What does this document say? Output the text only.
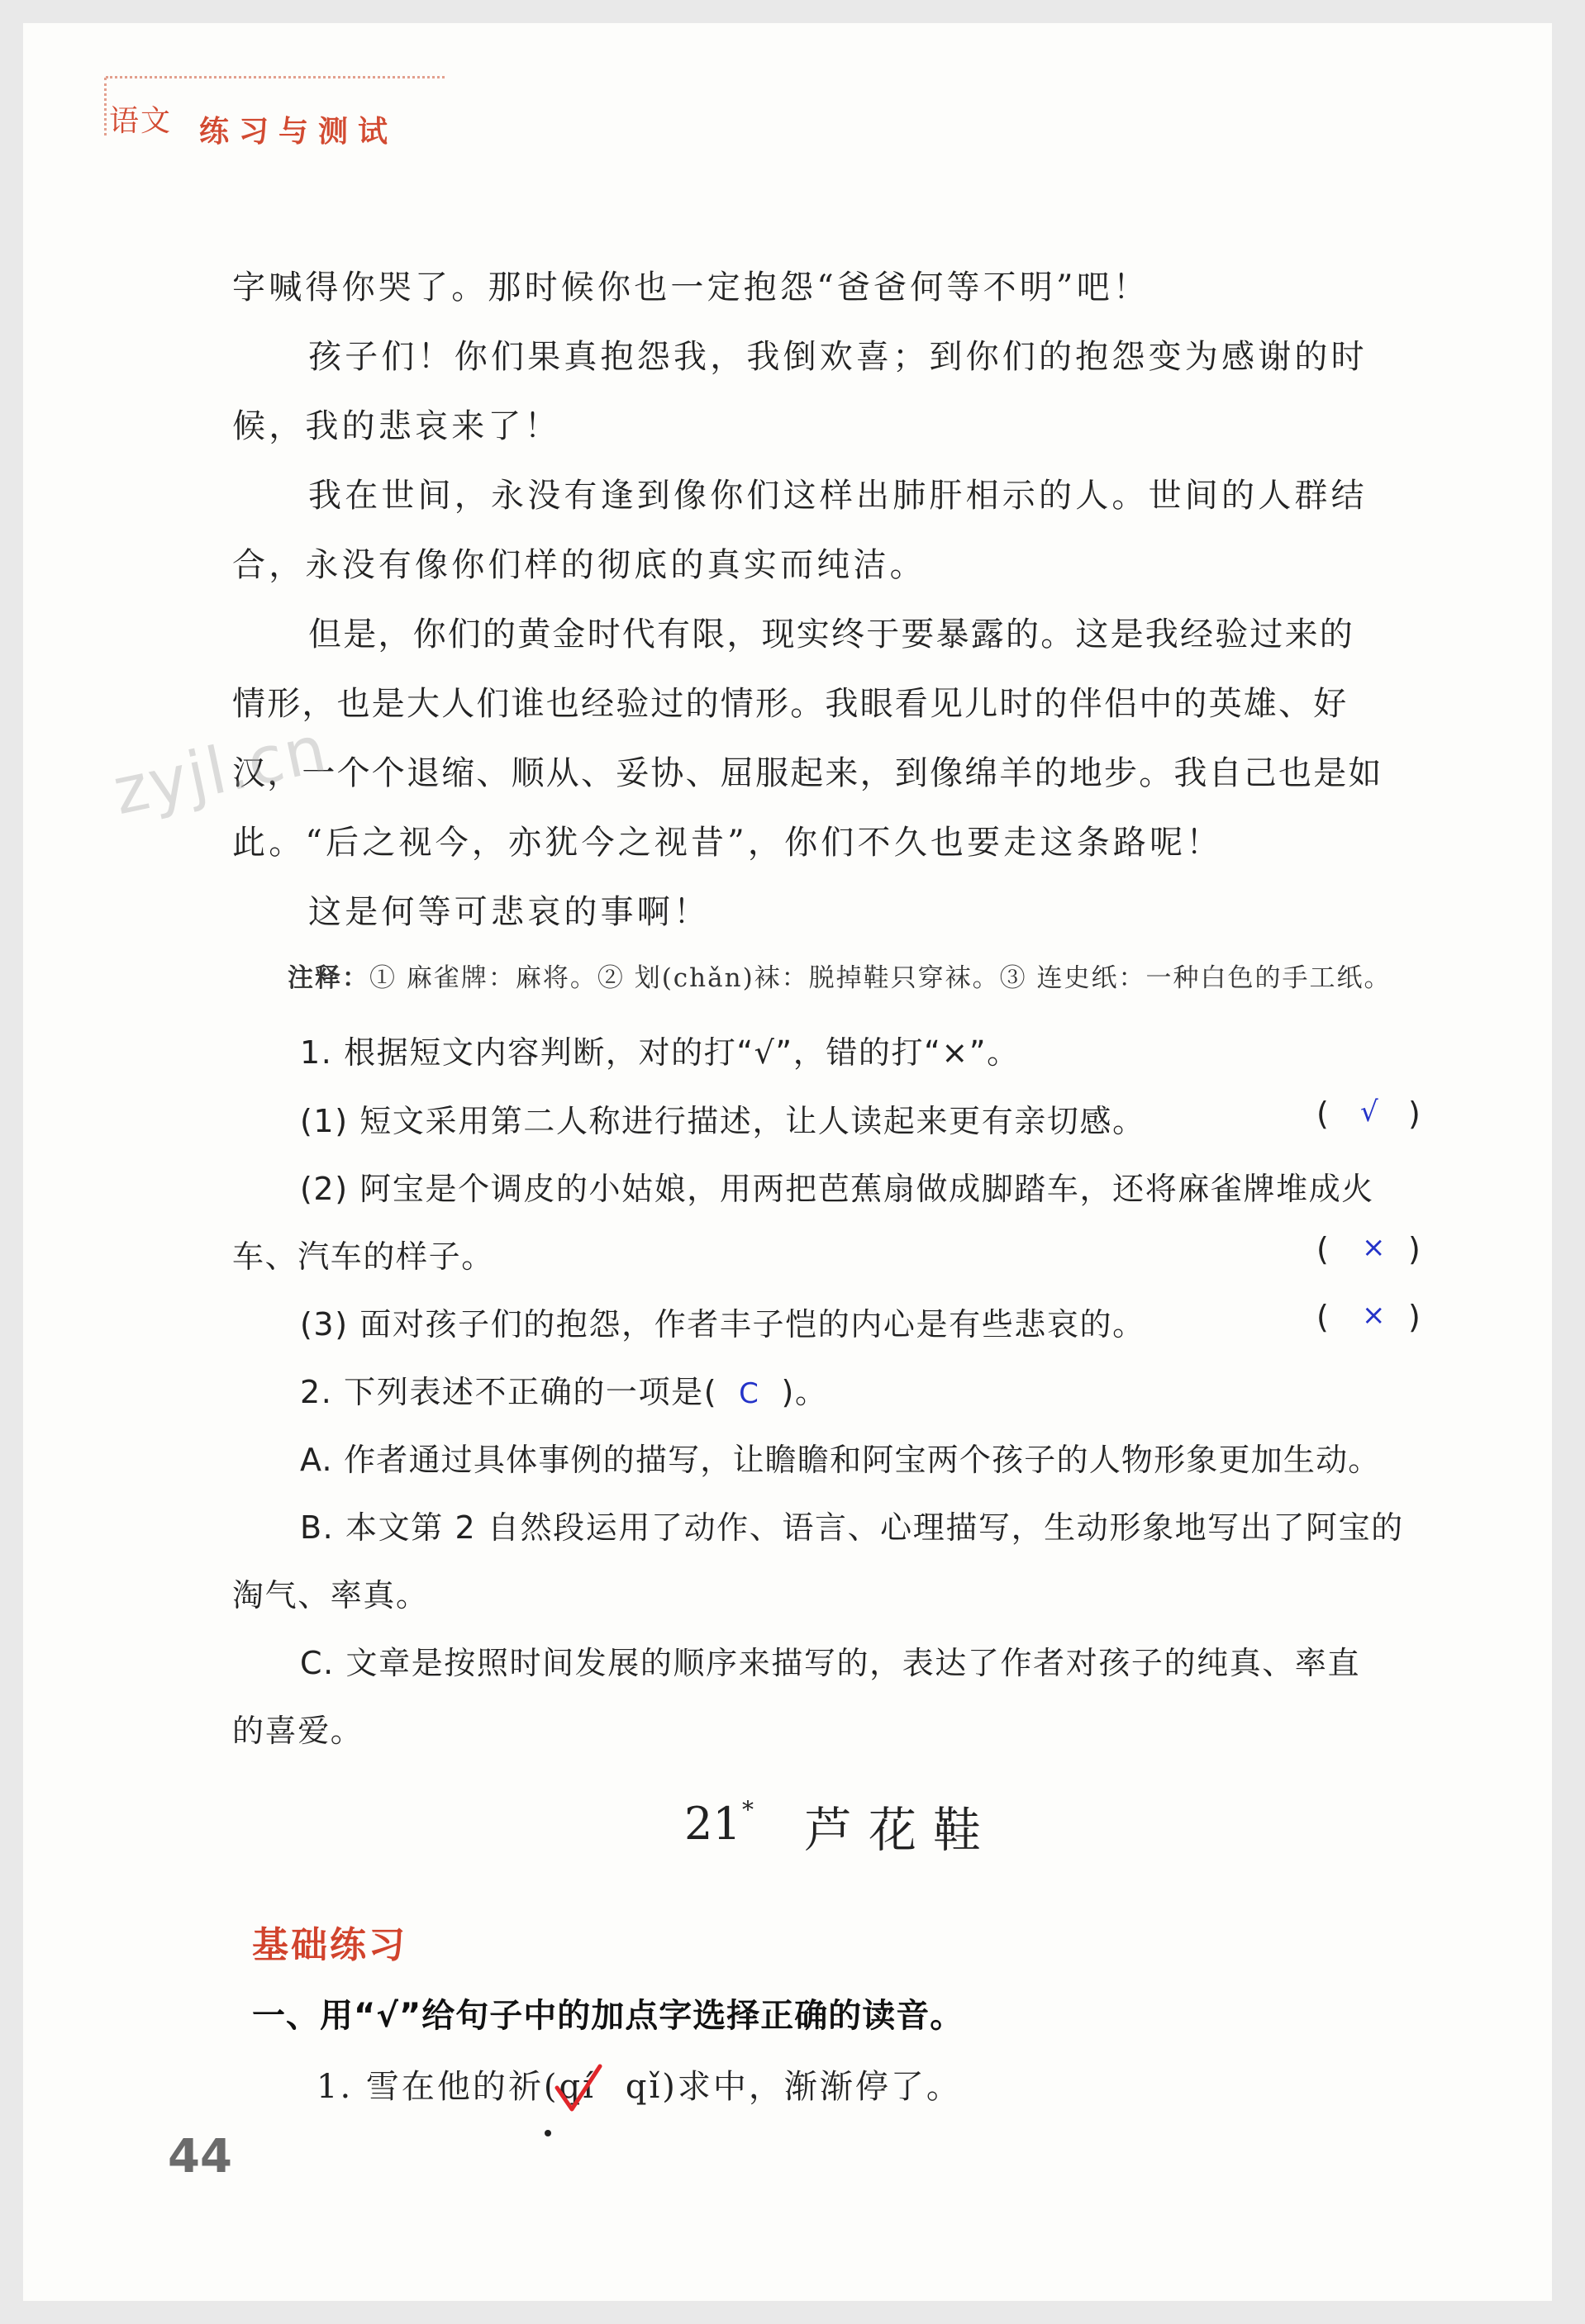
语文 练习与测试
字喊得你哭了。那时候你也一定抱怨“爸爸何等不明”吧！
孩子们！你们果真抱怨我，我倒欢喜；到你们的抱怨变为感谢的时
候，我的悲哀来了！
我在世间，永没有逢到像你们这样出肺肝相示的人。世间的人群结
合，永没有像你们样的彻底的真实而纯洁。
但是，你们的黄金时代有限，现实终于要暴露的。这是我经验过来的
情形，也是大人们谁也经验过的情形。我眼看见儿时的伴侣中的英雄、好
汉，一个个退缩、顺从、妥协、屈服起来，到像绵羊的地步。我自己也是如
此。“后之视今，亦犹今之视昔”，你们不久也要走这条路呢！
这是何等可悲哀的事啊！
zyjl.cn
注释：① 麻雀牌：麻将。② 划(chǎn)袜：脱掉鞋只穿袜。③ 连史纸：一种白色的手工纸。
1. 根据短文内容判断，对的打“√”，错的打“×”。
(1) 短文采用第二人称进行描述，让人读起来更有亲切感。	( √ )
(2) 阿宝是个调皮的小姑娘，用两把芭蕉扇做成脚踏车，还将麻雀牌堆成火
车、汽车的样子。	( × )
(3) 面对孩子们的抱怨，作者丰子恺的内心是有些悲哀的。	( × )
2. 下列表述不正确的一项是( C )。
A. 作者通过具体事例的描写，让瞻瞻和阿宝两个孩子的人物形象更加生动。
B. 本文第 2 自然段运用了动作、语言、心理描写，生动形象地写出了阿宝的
淘气、率真。
C. 文章是按照时间发展的顺序来描写的，表达了作者对孩子的纯真、率直
的喜爱。
21 * 芦花鞋
基础练习
一、用“√”给句子中的加点字选择正确的读音。
1. 雪在他的祈(qí qǐ)求中，渐渐停了。
44
